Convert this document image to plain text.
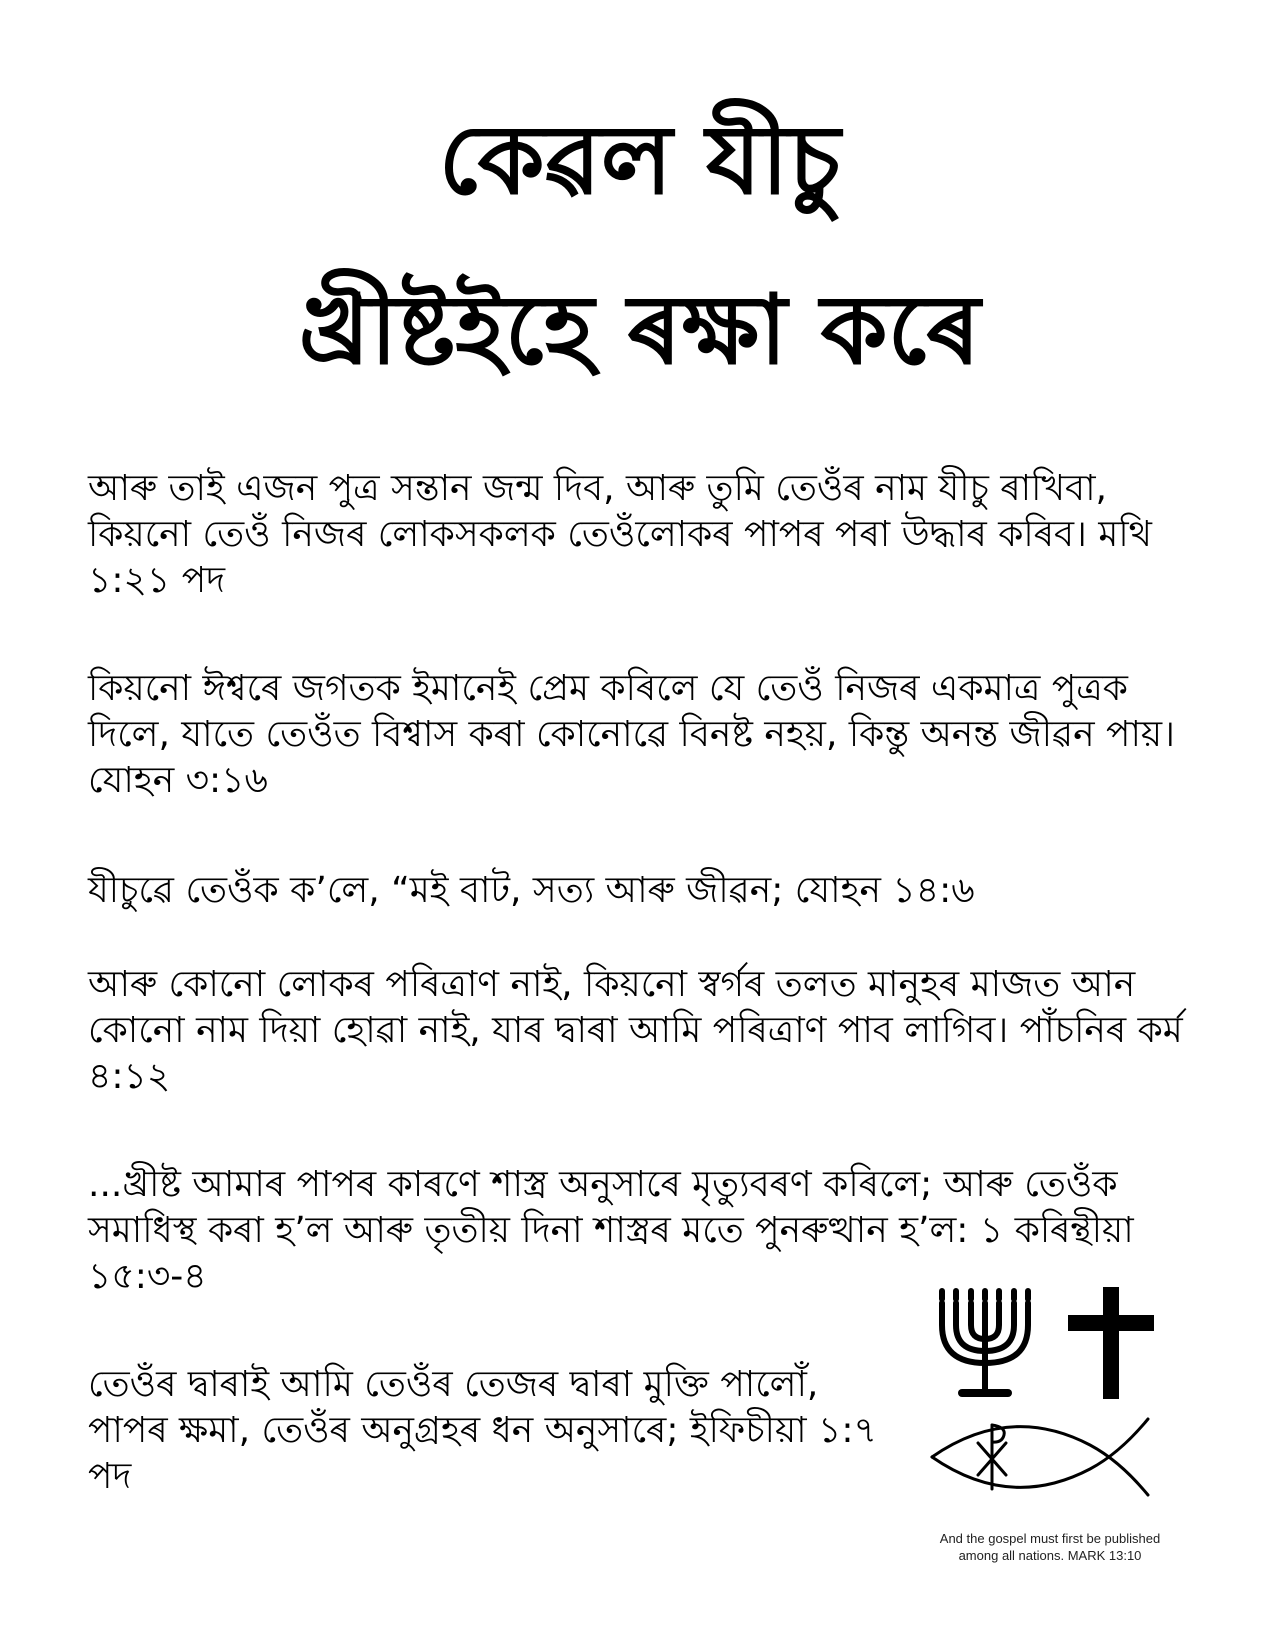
কেৱল যীচু
খ্ৰীষ্টইহে ৰক্ষা কৰে
আৰু তাই এজন পুত্ৰ সন্তান জন্ম দিব, আৰু তুমি তেওঁৰ নাম যীচু ৰাখিবা, কিয়নো তেওঁ নিজৰ লোকসকলক তেওঁলোকৰ পাপৰ পৰা উদ্ধাৰ কৰিব। মথি ১:২১ পদ
কিয়নো ঈশ্বৰে জগতক ইমানেই প্ৰেম কৰিলে যে তেওঁ নিজৰ একমাত্ৰ পুত্ৰক দিলে, যাতে তেওঁত বিশ্বাস কৰা কোনোৱে বিনষ্ট নহয়, কিন্তু অনন্ত জীৱন পায়। যোহন ৩:১৬
যীচুৱে তেওঁক ক’লে, “মই বাট, সত্য আৰু জীৱন; যোহন ১৪:৬
আৰু কোনো লোকৰ পৰিত্ৰাণ নাই, কিয়নো স্বৰ্গৰ তলত মানুহৰ মাজত আন কোনো নাম দিয়া হোৱা নাই, যাৰ দ্বাৰা আমি পৰিত্ৰাণ পাব লাগিব। পাঁচনিৰ কৰ্ম ৪:১২
...খ্ৰীষ্ট আমাৰ পাপৰ কাৰণে শাস্ত্ৰ অনুসাৰে মৃত্যুবৰণ কৰিলে; আৰু তেওঁক সমাধিস্থ কৰা হ’ল আৰু তৃতীয় দিনা শাস্ত্ৰৰ মতে পুনৰুত্থান হ’ল: ১ কৰিন্থীয়া ১৫:৩-৪
তেওঁৰ দ্বাৰাই আমি তেওঁৰ তেজৰ দ্বাৰা মুক্তি পালোঁ, পাপৰ ক্ষমা, তেওঁৰ অনুগ্ৰহৰ ধন অনুসাৰে; ইফিচীয়া ১:৭ পদ
And the gospel must first be published
among all nations. MARK 13:10
